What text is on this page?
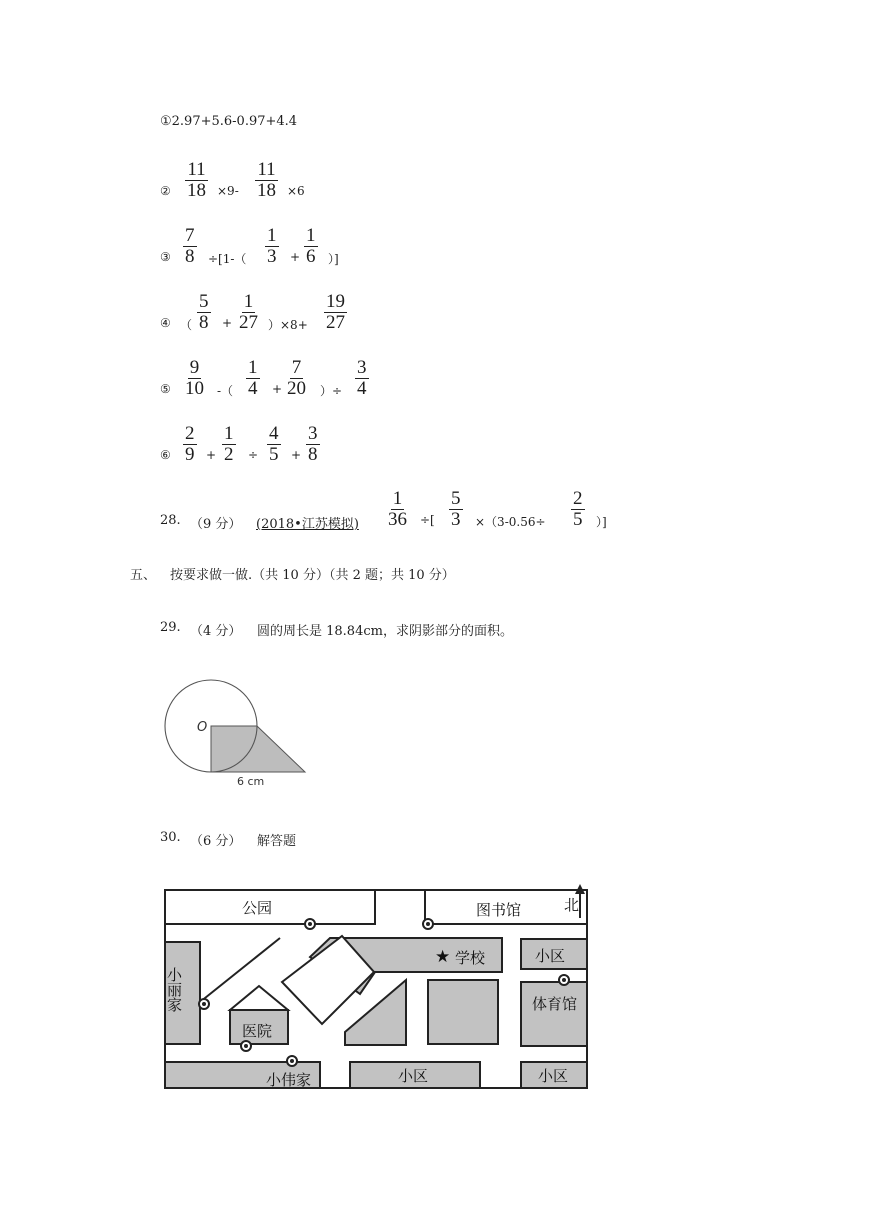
①2.97+5.6-0.97+4.4
② $\frac{11}{18} \times 9- \frac{11}{18} \times 6$
③ $\frac{7}{8} \div[1-( \frac{1}{3} + \frac{1}{6}$ ）]
④ （ $\frac{5}{8} + \frac{1}{27} )\times 8+ \frac{19}{27}$
⑤ $\frac{9}{10}$ -（ $\frac{1}{4} + \frac{7}{20}$ ）÷ $\frac{3}{4}$
⑥ $\frac{2}{9} + \frac{1}{2} \div \frac{4}{5} + \frac{3}{8}$
28. （9 分） (2018•江苏模拟) $\frac{1}{36}$ ÷[ $\frac{5}{3} \times(3-0.56\div \frac{2}{5}$ ）]
五、 按要求做一做.（共 10 分）（共 2 题；共 10 分）
29. （4 分） 圆的周长是 18.84cm，求阴影部分的面积。
O
6 cm
30. （6 分） 解答题
★
公园	图书馆	北
学校	小区
体育馆
医院
小伟家	小区	小区
小丽家
